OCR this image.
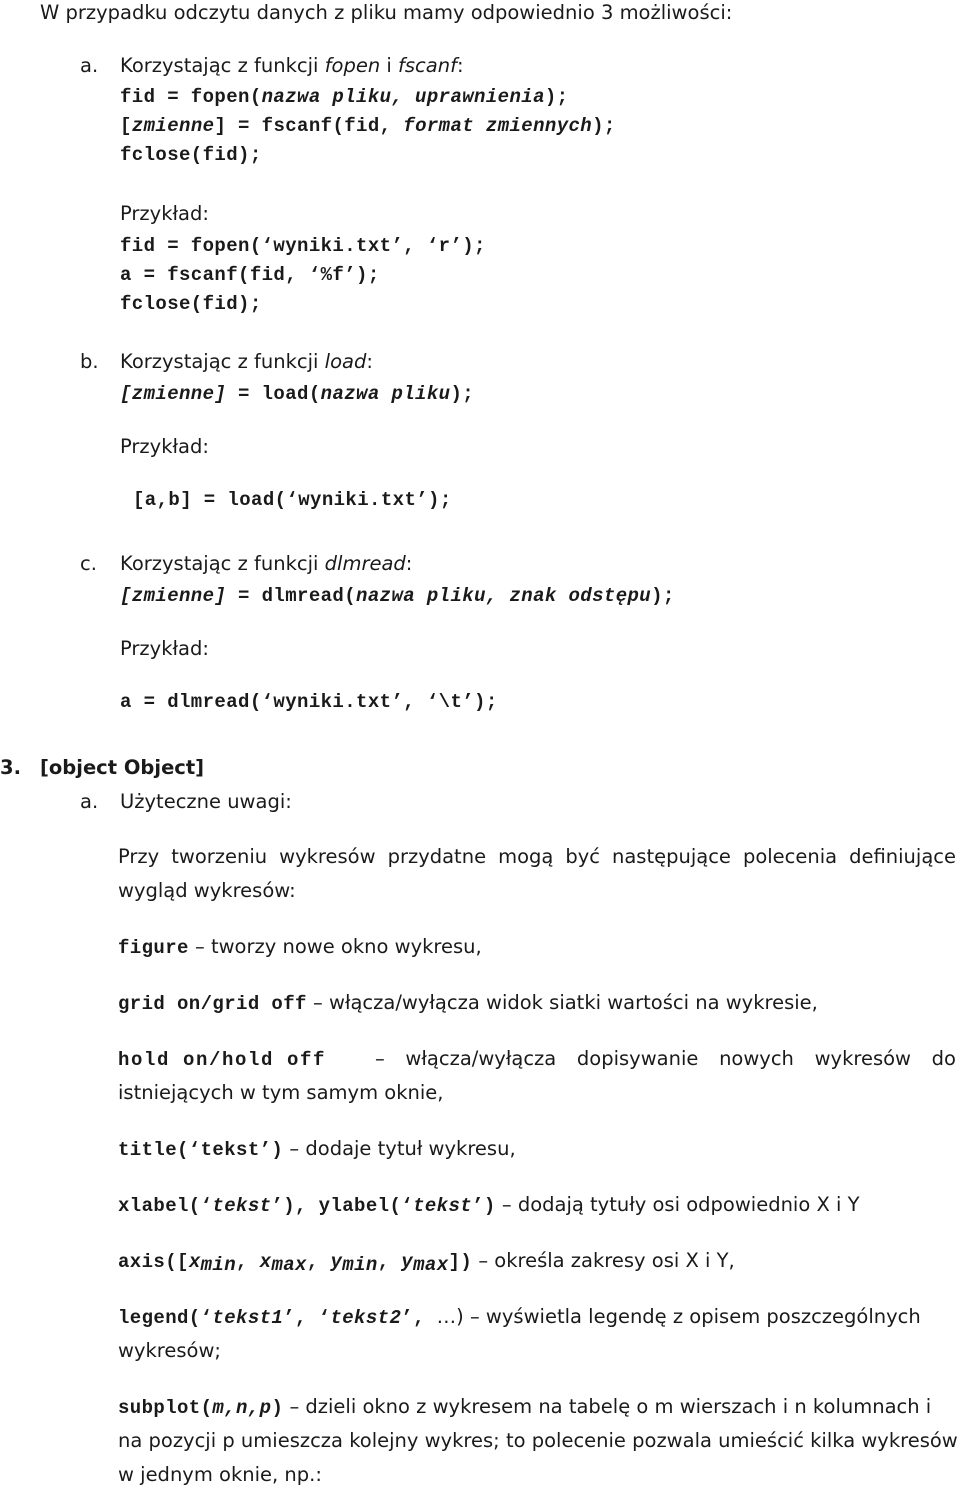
W przypadku odczytu danych z pliku mamy odpowiednio 3 możliwości:
a. Korzystając z funkcji fopen i fscanf:
fid = fopen(nazwa pliku, uprawnienia);
[zmienne] = fscanf(fid, format zmiennych);
fclose(fid);
Przykład:
fid = fopen(‘wyniki.txt’, ‘r’);
a = fscanf(fid, ‘%f’);
fclose(fid);
b. Korzystając z funkcji load:
[zmienne] = load(nazwa pliku);
Przykład:
[a,b] = load(‘wyniki.txt’);
c. Korzystając z funkcji dlmread:
[zmienne] = dlmread(nazwa pliku, znak odstępu);
Przykład:
a = dlmread(‘wyniki.txt’, ‘\t’);
3. [object Object]
a. Użyteczne uwagi:
Przy tworzeniu wykresów przydatne mogą być następujące polecenia definiujące wygląd wykresów:
figure – tworzy nowe okno wykresu,
grid on/grid off – włącza/wyłącza widok siatki wartości na wykresie,
hold on/hold off	– włącza/wyłącza dopisywanie nowych wykresów do
istniejących w tym samym oknie,
title(‘tekst’) – dodaje tytuł wykresu,
xlabel(‘tekst’), ylabel(‘tekst’) – dodają tytuły osi odpowiednio X i Y
$axis([x_{min}$, $x_{max}$, $y_{min}$, $y_{max}$]) – określa zakresy osi X i Y,
legend(‘tekst1’, ‘tekst2’, …) – wyświetla legendę z opisem poszczególnych
wykresów;
subplot(m,n,p) – dzieli okno z wykresem na tabelę o m wierszach i n kolumnach i
na pozycji p umieszcza kolejny wykres; to polecenie pozwala umieścić kilka wykresów
w jednym oknie, np.:
